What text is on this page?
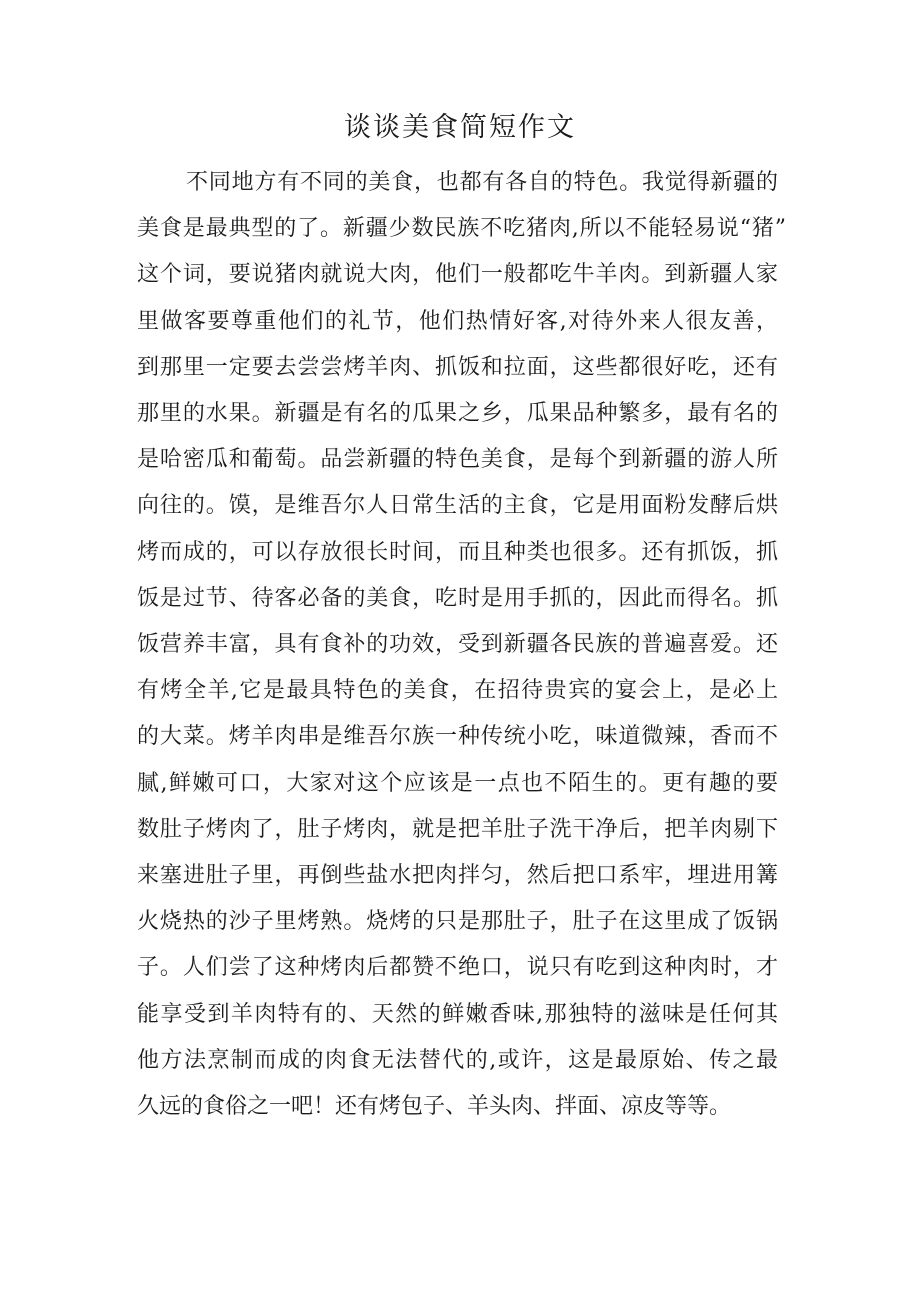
谈谈美食简短作文
不同地方有不同的美食，也都有各自的特色。我觉得新疆的
美食是最典型的了。新疆少数民族不吃猪肉,所以不能轻易说“猪”
这个词，要说猪肉就说大肉，他们一般都吃牛羊肉。到新疆人家
里做客要尊重他们的礼节，他们热情好客,对待外来人很友善，
到那里一定要去尝尝烤羊肉、抓饭和拉面，这些都很好吃，还有
那里的水果。新疆是有名的瓜果之乡，瓜果品种繁多，最有名的
是哈密瓜和葡萄。品尝新疆的特色美食，是每个到新疆的游人所
向往的。馍，是维吾尔人日常生活的主食，它是用面粉发酵后烘
烤而成的，可以存放很长时间，而且种类也很多。还有抓饭，抓
饭是过节、待客必备的美食，吃时是用手抓的，因此而得名。抓
饭营养丰富，具有食补的功效，受到新疆各民族的普遍喜爱。还
有烤全羊,它是最具特色的美食，在招待贵宾的宴会上，是必上
的大菜。烤羊肉串是维吾尔族一种传统小吃，味道微辣，香而不
腻,鲜嫩可口，大家对这个应该是一点也不陌生的。更有趣的要
数肚子烤肉了，肚子烤肉，就是把羊肚子洗干净后，把羊肉剔下
来塞进肚子里，再倒些盐水把肉拌匀，然后把口系牢，埋进用篝
火烧热的沙子里烤熟。烧烤的只是那肚子，肚子在这里成了饭锅
子。人们尝了这种烤肉后都赞不绝口，说只有吃到这种肉时，才
能享受到羊肉特有的、天然的鲜嫩香味,那独特的滋味是任何其
他方法烹制而成的肉食无法替代的,或许，这是最原始、传之最
久远的食俗之一吧！还有烤包子、羊头肉、拌面、凉皮等等。
